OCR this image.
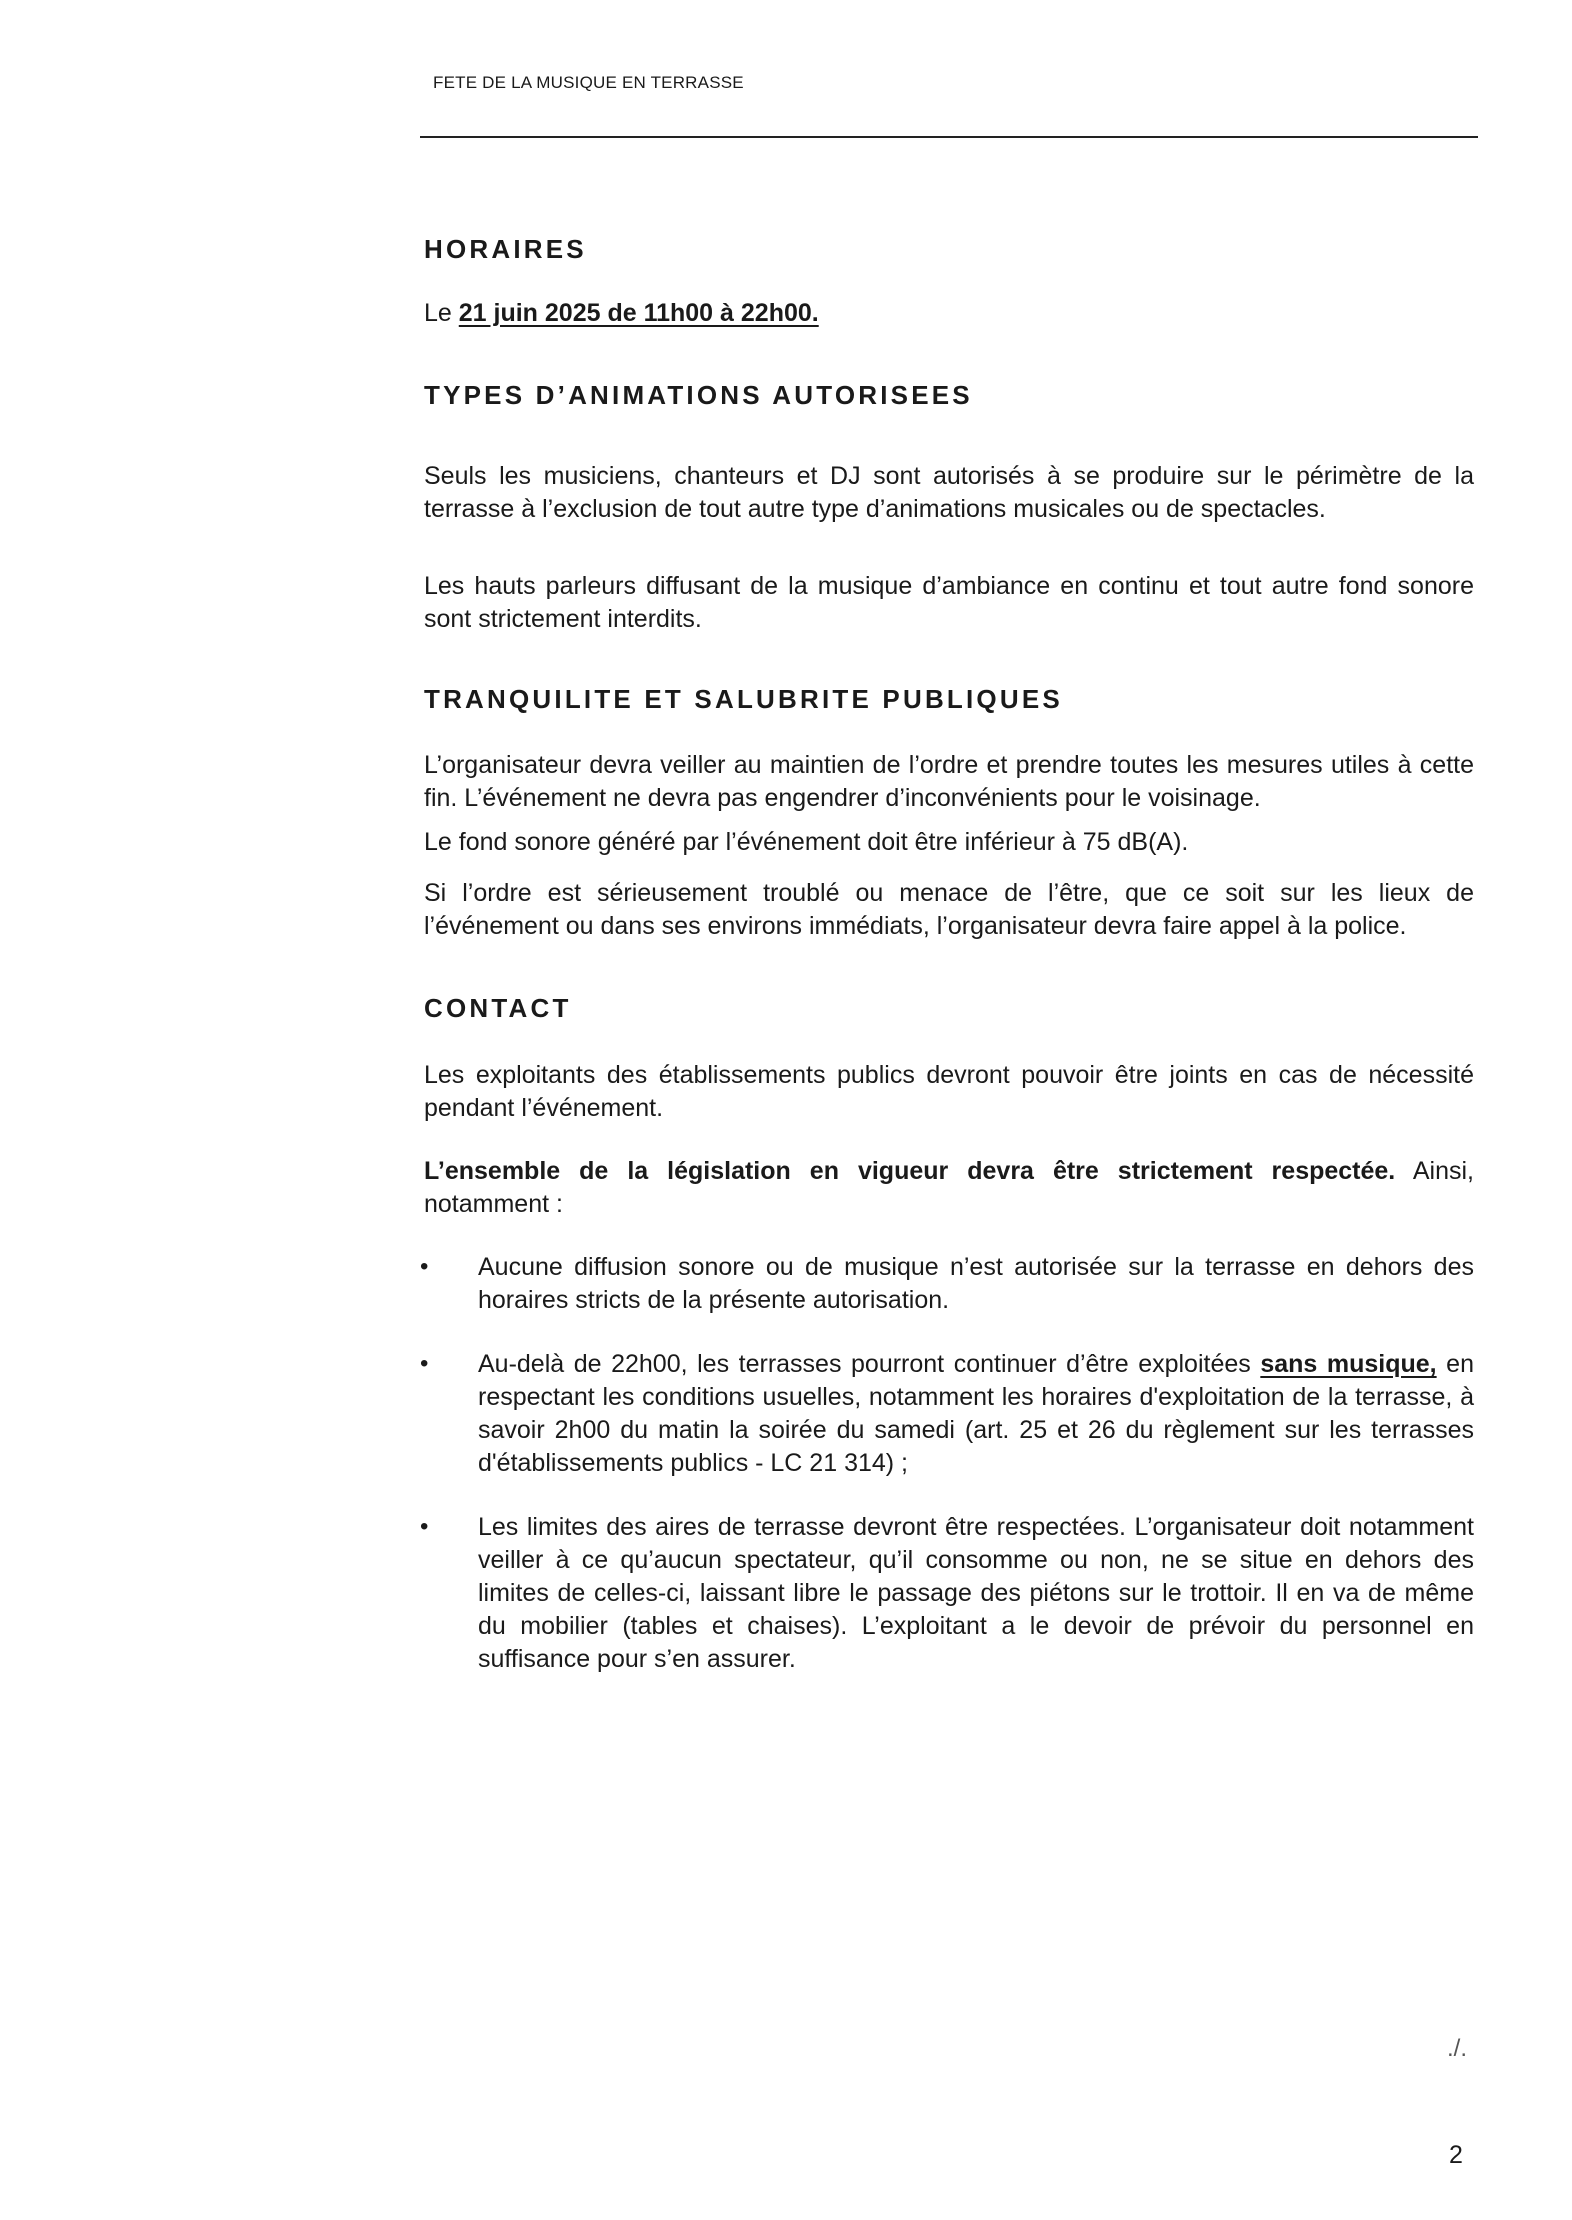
FETE DE LA MUSIQUE EN TERRASSE
HORAIRES
Le 21 juin 2025 de 11h00 à 22h00.
TYPES D’ANIMATIONS AUTORISEES
Seuls les musiciens, chanteurs et DJ sont autorisés à se produire sur le périmètre de la terrasse à l’exclusion de tout autre type d’animations musicales ou de spectacles.
Les hauts parleurs diffusant de la musique d’ambiance en continu et tout autre fond sonore sont strictement interdits.
TRANQUILITE ET SALUBRITE PUBLIQUES
L’organisateur devra veiller au maintien de l’ordre et prendre toutes les mesures utiles à cette fin. L’événement ne devra pas engendrer d’inconvénients pour le voisinage.
Le fond sonore généré par l’événement doit être inférieur à 75 dB(A).
Si l’ordre est sérieusement troublé ou menace de l’être, que ce soit sur les lieux de l’événement ou dans ses environs immédiats, l’organisateur devra faire appel à la police.
CONTACT
Les exploitants des établissements publics devront pouvoir être joints en cas de nécessité pendant l’événement.
L’ensemble de la législation en vigueur devra être strictement respectée. Ainsi, notamment :
• Aucune diffusion sonore ou de musique n’est autorisée sur la terrasse en dehors des horaires stricts de la présente autorisation.
• Au-delà de 22h00, les terrasses pourront continuer d’être exploitées sans musique, en respectant les conditions usuelles, notamment les horaires d'exploitation de la terrasse, à savoir 2h00 du matin la soirée du samedi (art. 25 et 26 du règlement sur les terrasses d'établissements publics - LC 21 314) ;
• Les limites des aires de terrasse devront être respectées. L’organisateur doit notamment veiller à ce qu’aucun spectateur, qu’il consomme ou non, ne se situe en dehors des limites de celles-ci, laissant libre le passage des piétons sur le trottoir. Il en va de même du mobilier (tables et chaises). L’exploitant a le devoir de prévoir du personnel en suffisance pour s’en assurer.
./.
2
